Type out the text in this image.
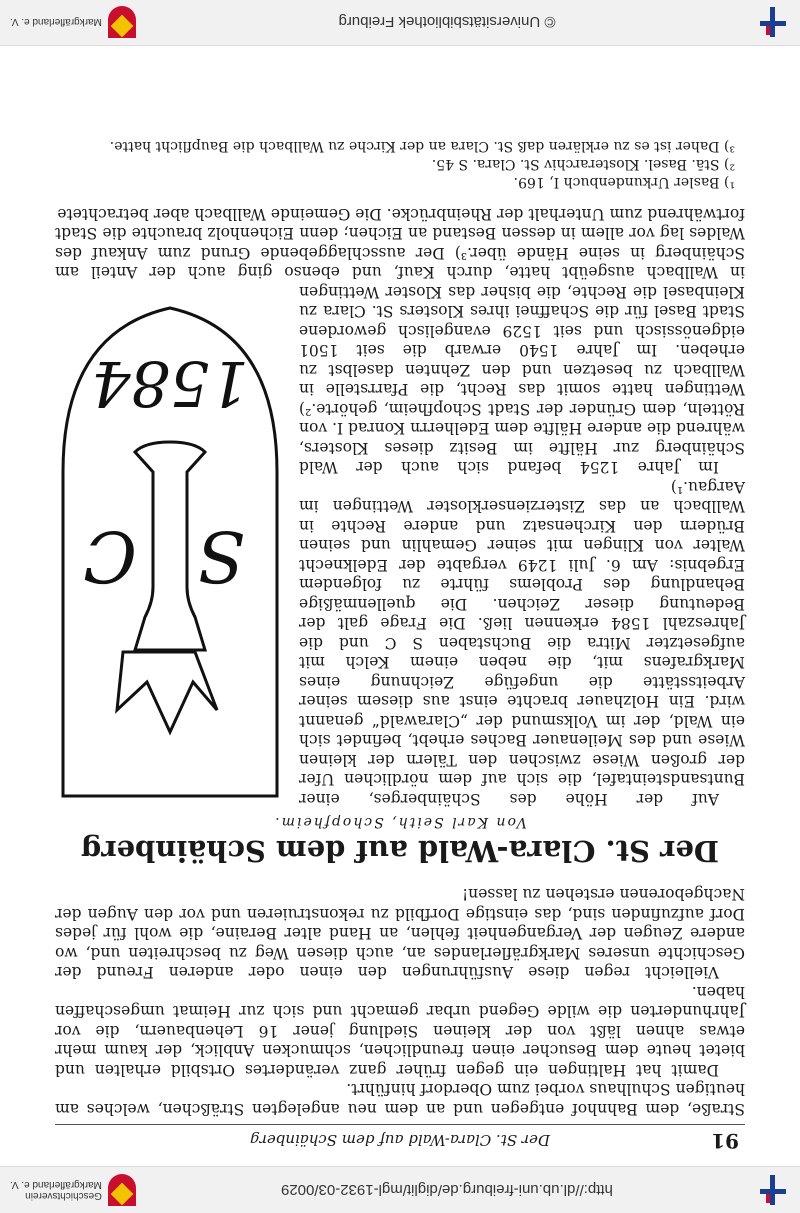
http://dl.ub.uni-freiburg.de/diglit/mgl-1932-03/0029
Geschichtsverein
Markgräflerland e. V.
91
Der St. Clara-Wald auf dem Schäinberg

Straße, dem Bahnhof entgegen und an dem neu angelegten Sträßchen, welches am heutigen Schulhaus vorbei zum Oberdorf hinführt.

Damit hat Haltingen ein gegen früher ganz verändertes Ortsbild erhalten und bietet heute dem Besucher einen freundlichen, schmucken Anblick, der kaum mehr etwas ahnen läßt von der kleinen Siedlung jener 16 Lehenbauern, die vor Jahrhunderten die wilde Gegend urbar gemacht und sich zur Heimat umgeschaffen haben.

Vielleicht regen diese Ausführungen den einen oder anderen Freund der Geschichte unseres Markgräflerlandes an, auch diesen Weg zu beschreiten und, wo andere Zeugen der Vergangenheit fehlen, an Hand alter Berainе, die wohl für jedes Dorf aufzufinden sind, das einstige Dorfbild zu rekonstruieren und vor den Augen der Nachgeborenen erstehen zu lassen!

Der St. Clara-Wald auf dem Schäinberg
Von Karl Seith, Schopfheim.
S
C
1584

Auf der Höhe des Schäinberges, einer Buntsandsteintafel, die sich auf dem nördlichen Ufer der großen Wiese zwischen den Tälern der kleinen Wiese und des Meilenauer Baches erhebt, befindet sich ein Wald, der im Volksmund der „Clarawald“ genannt wird. Ein Holzhauer brachte einst aus diesem seiner Arbeitsstätte die ungefüge Zeichnung eines Markgrafens mit, die neben einem Kelch mit aufgesetzter Mitra die Buchstaben S C und die Jahreszahl 1584 erkennen ließ. Die Frage galt der Bedeutung dieser Zeichen. Die quellenmäßige Behandlung des Problems führte zu folgendem Ergebnis: Am 6. Juli 1249 vergabte der Edelknecht Walter von Klingen mit seiner Gemahlin und seinen Brüdern den Kirchensatz und andere Rechte in Wallbach an das Zisterzienserkloster Wettingen im Aargau.¹)

Im Jahre 1254 befand sich auch der Wald Schäinberg zur Hälfte im Besitz dieses Klosters, während die andere Hälfte dem Edelherrn Konrad I. von Rötteln, dem Gründer der Stadt Schopfheim, gehörte.²) Wettingen hatte somit das Recht, die Pfarrstelle in Wallbach zu besetzen und den Zehnten daselbst zu erheben. Im Jahre 1540 erwarb die seit 1501 eidgenössisch und seit 1529 evangelisch gewordene Stadt Basel für die Schaffnei ihres Klosters St. Clara zu Kleinbasel die Rechte, die bisher das Kloster Wettingen in Wallbach ausgeübt hatte, durch Kauf, und ebenso ging auch der Anteil am Schäinberg in seine Hände über.³) Der ausschlaggebende Grund zum Ankauf des Waldes lag vor allem in dessen Bestand an Eichen; denn Eichenholz brauchte die Stadt fortwährend zum Unterhalt der Rheinbrücke. Die Gemeinde Wallbach aber betrachtete

¹) Basler Urkundenbuch I, 169.

²) Stā. Basel. Klosterarchiv St. Clara. S 45.

³) Daher ist es zu erklären daß St. Clara an der Kirche zu Wallbach die Baupflicht hatte.

© Universitätsbibliothek Freiburg
Markgräflerland e. V.
